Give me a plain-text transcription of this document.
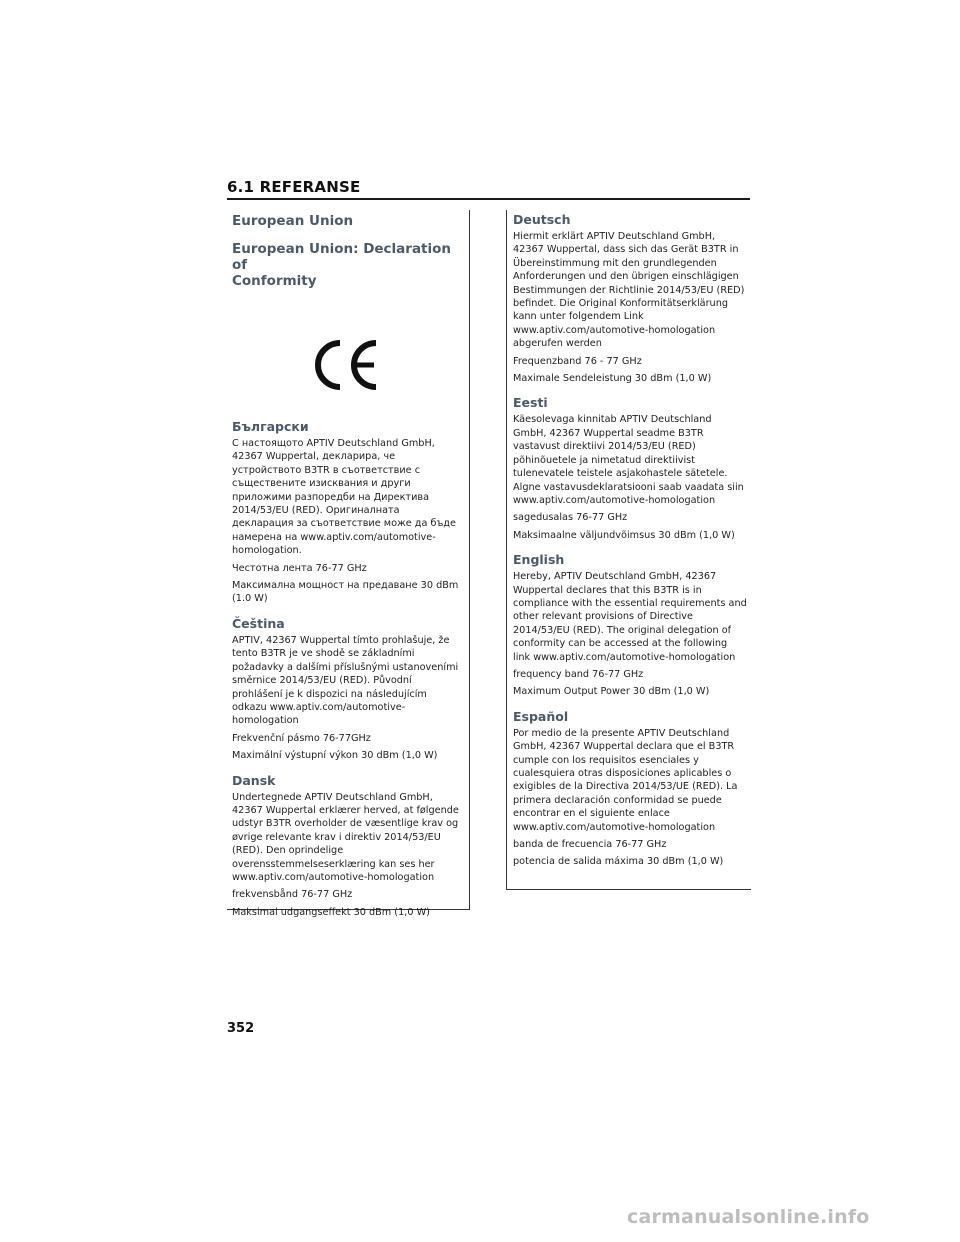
6.1 REFERANSE
European Union
European Union: Declaration of
Conformity
Български
С настоящото APTIV Deutschland GmbH, 42367 Wuppertal, декларира, че устройството B3TR в съответствие с съществените изисквания и други приложими разпоредби на Директива 2014/53/EU (RED). Оригиналната декларация за съответствие може да бъде намерена на www.aptiv.com/automotive-homologation.
Честотна лента 76-77 GHz
Максимална мощност на предаване 30 dBm (1.0 W)
Čeština
APTIV, 42367 Wuppertal tímto prohlašuje, že tento B3TR je ve shodě se základními požadavky a dalšími příslušnými ustanoveními směrnice 2014/53/EU (RED). Původní prohlášení je k dispozici na následujícím odkazu www.aptiv.com/automotive-homologation
Frekvenční pásmo 76-77GHz
Maximální výstupní výkon 30 dBm (1,0 W)
Dansk
Undertegnede APTIV Deutschland GmbH, 42367 Wuppertal erklærer herved, at følgende udstyr B3TR overholder de væsentlige krav og øvrige relevante krav i direktiv 2014/53/EU (RED). Den oprindelige overensstemmelseserklæring kan ses her www.aptiv.com/automotive-homologation
frekvensbånd 76-77 GHz
Maksimal udgangseffekt 30 dBm (1,0 W)
Deutsch
Hiermit erklärt APTIV Deutschland GmbH, 42367 Wuppertal, dass sich das Gerät B3TR in Übereinstimmung mit den grundlegenden Anforderungen und den übrigen einschlägigen Bestimmungen der Richtlinie 2014/53/EU (RED) befindet. Die Original Konformitätserklärung kann unter folgendem Link www.aptiv.com/automotive-homologation abgerufen werden
Frequenzband 76 - 77 GHz
Maximale Sendeleistung 30 dBm (1,0 W)
Eesti
Käesolevaga kinnitab APTIV Deutschland GmbH, 42367 Wuppertal seadme B3TR vastavust direktiivi 2014/53/EU (RED) põhinõuetele ja nimetatud direktiivist tulenevatele teistele asjakohastele sätetele. Algne vastavusdeklaratsiooni saab vaadata siin www.aptiv.com/automotive-homologation
sagedusalas 76-77 GHz
Maksimaalne väljundvõimsus 30 dBm (1,0 W)
English
Hereby, APTIV Deutschland GmbH, 42367 Wuppertal declares that this B3TR is in compliance with the essential requirements and other relevant provisions of Directive 2014/53/EU (RED). The original delegation of conformity can be accessed at the following link www.aptiv.com/automotive-homologation
frequency band 76-77 GHz
Maximum Output Power 30 dBm (1,0 W)
Español
Por medio de la presente APTIV Deutschland GmbH, 42367 Wuppertal declara que el B3TR cumple con los requisitos esenciales y cualesquiera otras disposiciones aplicables o exigibles de la Directiva 2014/53/UE (RED). La primera declaración conformidad se puede encontrar en el siguiente enlace www.aptiv.com/automotive-homologation
banda de frecuencia 76-77 GHz
potencia de salida máxima 30 dBm (1,0 W)
352
carmanualsonline.info
